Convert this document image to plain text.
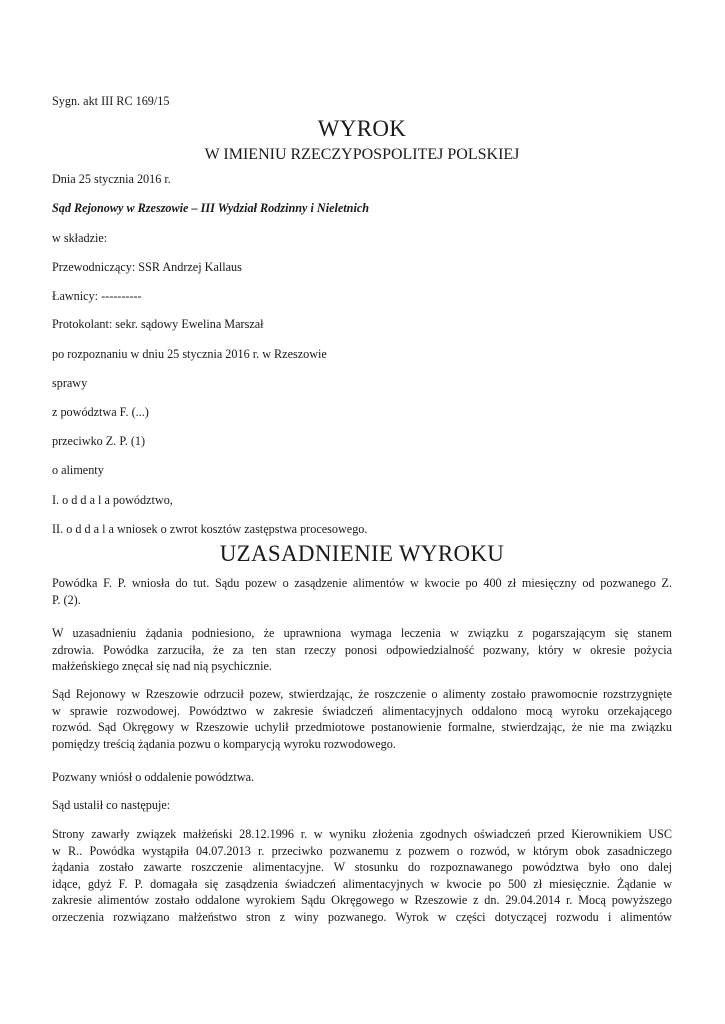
Sygn. akt III RC 169/15
WYROK
W IMIENIU RZECZYPOSPOLITEJ POLSKIEJ
Dnia 25 stycznia 2016 r.
Sąd Rejonowy w Rzeszowie – III Wydział Rodzinny i Nieletnich
w składzie:
Przewodniczący: SSR Andrzej Kallaus
Ławnicy: ----------
Protokolant: sekr. sądowy Ewelina Marszał
po rozpoznaniu w dniu 25 stycznia 2016 r. w Rzeszowie
sprawy
z powództwa F. (...)
przeciwko Z. P. (1)
o alimenty
I. o d d a l a powództwo,
II. o d d a l a wniosek o zwrot kosztów zastępstwa procesowego.
UZASADNIENIE WYROKU
Powódka F. P. wniosła do tut. Sądu pozew o zasądzenie alimentów w kwocie po 400 zł miesięczny od pozwanego Z.
P. (2).
W uzasadnieniu żądania podniesiono, że uprawniona wymaga leczenia w związku z pogarszającym się stanem
zdrowia. Powódka zarzuciła, że za ten stan rzeczy ponosi odpowiedzialność pozwany, który w okresie pożycia
małżeńskiego znęcał się nad nią psychicznie.
Sąd Rejonowy w Rzeszowie odrzucił pozew, stwierdzając, że roszczenie o alimenty zostało prawomocnie rozstrzygnięte
w sprawie rozwodowej. Powództwo w zakresie świadczeń alimentacyjnych oddalono mocą wyroku orzekającego
rozwód. Sąd Okręgowy w Rzeszowie uchylił przedmiotowe postanowienie formalne, stwierdzając, że nie ma związku
pomiędzy treścią żądania pozwu o komparycją wyroku rozwodowego.
Pozwany wniósł o oddalenie powództwa.
Sąd ustalił co następuje:
Strony zawarły związek małżeński 28.12.1996 r. w wyniku złożenia zgodnych oświadczeń przed Kierownikiem USC
w R.. Powódka wystąpiła 04.07.2013 r. przeciwko pozwanemu z pozwem o rozwód, w którym obok zasadniczego
żądania zostało zawarte roszczenie alimentacyjne. W stosunku do rozpoznawanego powództwa było ono dalej
idące, gdyż F. P. domagała się zasądzenia świadczeń alimentacyjnych w kwocie po 500 zł miesięcznie. Żądanie w
zakresie alimentów zostało oddalone wyrokiem Sądu Okręgowego w Rzeszowie z dn. 29.04.2014 r. Mocą powyższego
orzeczenia rozwiązano małżeństwo stron z winy pozwanego. Wyrok w części dotyczącej rozwodu i alimentów
